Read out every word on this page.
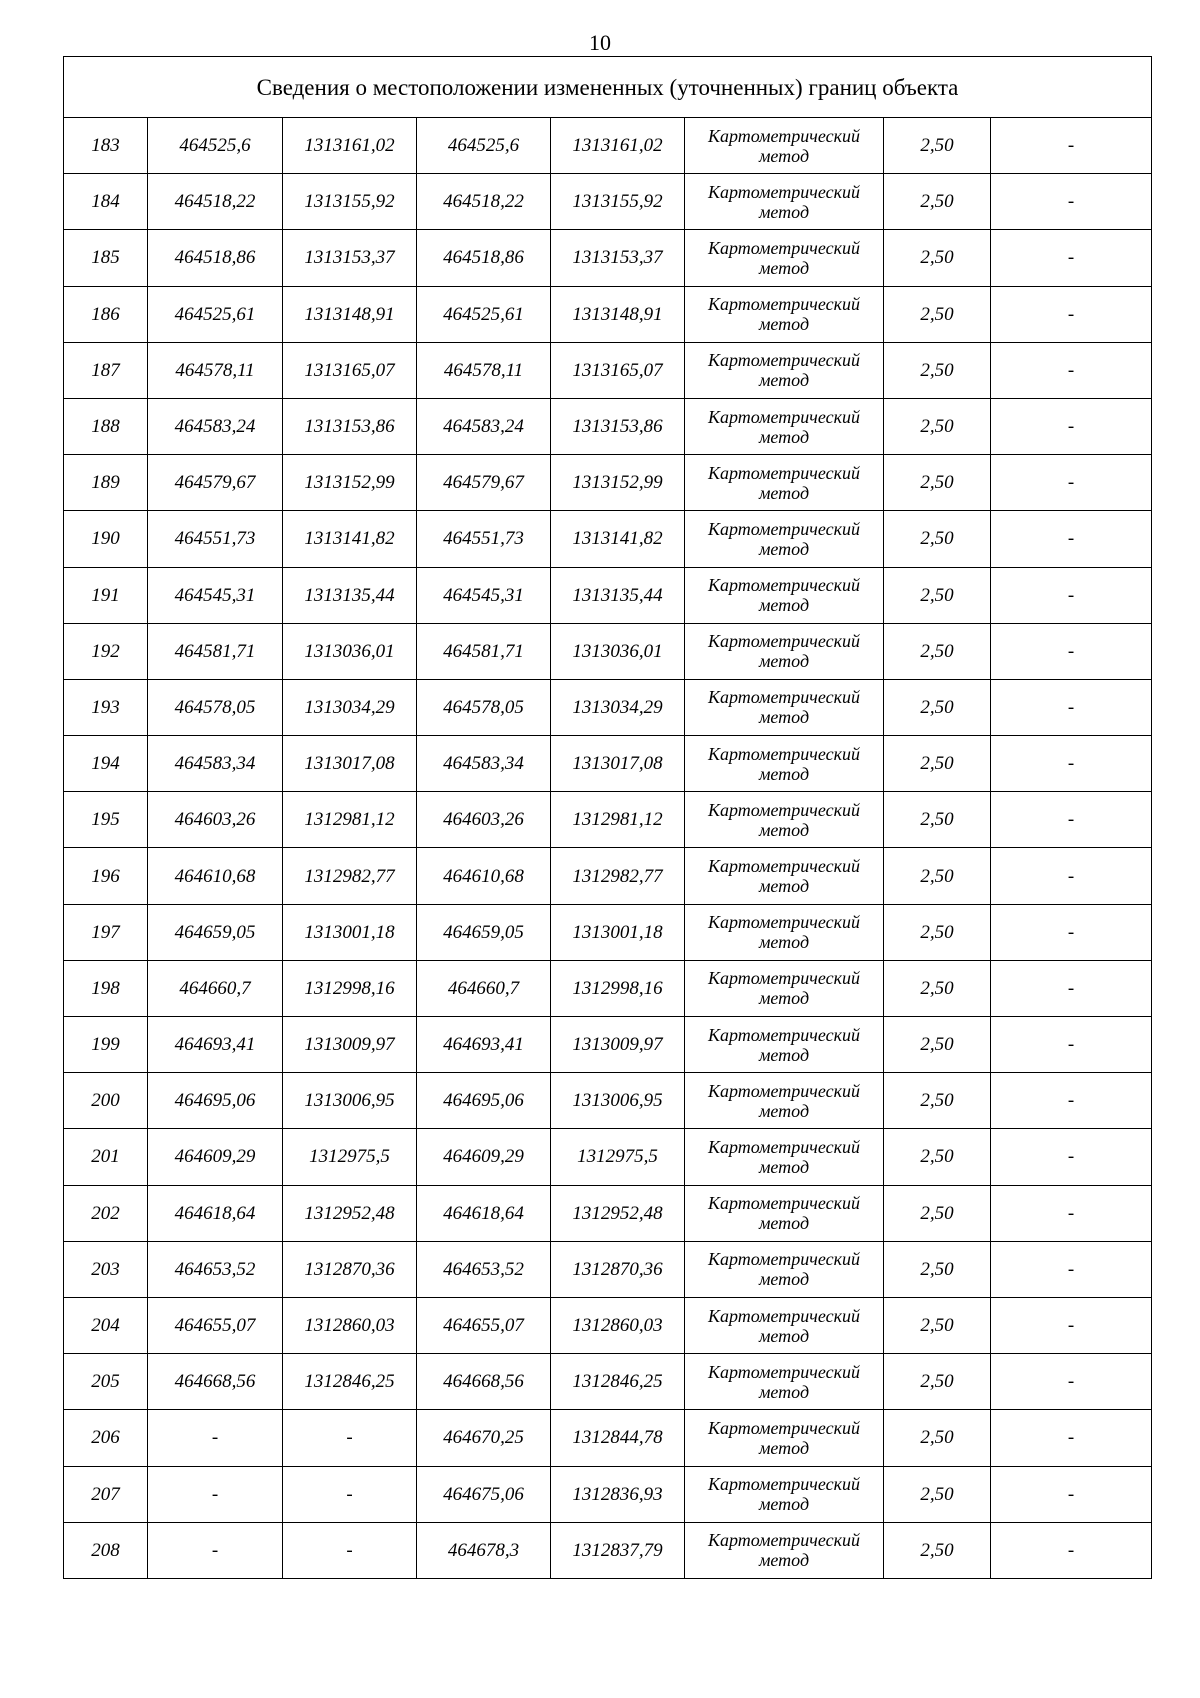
10
Сведения о местоположении измененных (уточненных) границ объекта							
183	464525,6	1313161,02	464525,6	1313161,02	Картометрический метод	2,50	-
184	464518,22	1313155,92	464518,22	1313155,92	Картометрический метод	2,50	-
185	464518,86	1313153,37	464518,86	1313153,37	Картометрический метод	2,50	-
186	464525,61	1313148,91	464525,61	1313148,91	Картометрический метод	2,50	-
187	464578,11	1313165,07	464578,11	1313165,07	Картометрический метод	2,50	-
188	464583,24	1313153,86	464583,24	1313153,86	Картометрический метод	2,50	-
189	464579,67	1313152,99	464579,67	1313152,99	Картометрический метод	2,50	-
190	464551,73	1313141,82	464551,73	1313141,82	Картометрический метод	2,50	-
191	464545,31	1313135,44	464545,31	1313135,44	Картометрический метод	2,50	-
192	464581,71	1313036,01	464581,71	1313036,01	Картометрический метод	2,50	-
193	464578,05	1313034,29	464578,05	1313034,29	Картометрический метод	2,50	-
194	464583,34	1313017,08	464583,34	1313017,08	Картометрический метод	2,50	-
195	464603,26	1312981,12	464603,26	1312981,12	Картометрический метод	2,50	-
196	464610,68	1312982,77	464610,68	1312982,77	Картометрический метод	2,50	-
197	464659,05	1313001,18	464659,05	1313001,18	Картометрический метод	2,50	-
198	464660,7	1312998,16	464660,7	1312998,16	Картометрический метод	2,50	-
199	464693,41	1313009,97	464693,41	1313009,97	Картометрический метод	2,50	-
200	464695,06	1313006,95	464695,06	1313006,95	Картометрический метод	2,50	-
201	464609,29	1312975,5	464609,29	1312975,5	Картометрический метод	2,50	-
202	464618,64	1312952,48	464618,64	1312952,48	Картометрический метод	2,50	-
203	464653,52	1312870,36	464653,52	1312870,36	Картометрический метод	2,50	-
204	464655,07	1312860,03	464655,07	1312860,03	Картометрический метод	2,50	-
205	464668,56	1312846,25	464668,56	1312846,25	Картометрический метод	2,50	-
206	-	-	464670,25	1312844,78	Картометрический метод	2,50	-
207	-	-	464675,06	1312836,93	Картометрический метод	2,50	-
208	-	-	464678,3	1312837,79	Картометрический метод	2,50	-
